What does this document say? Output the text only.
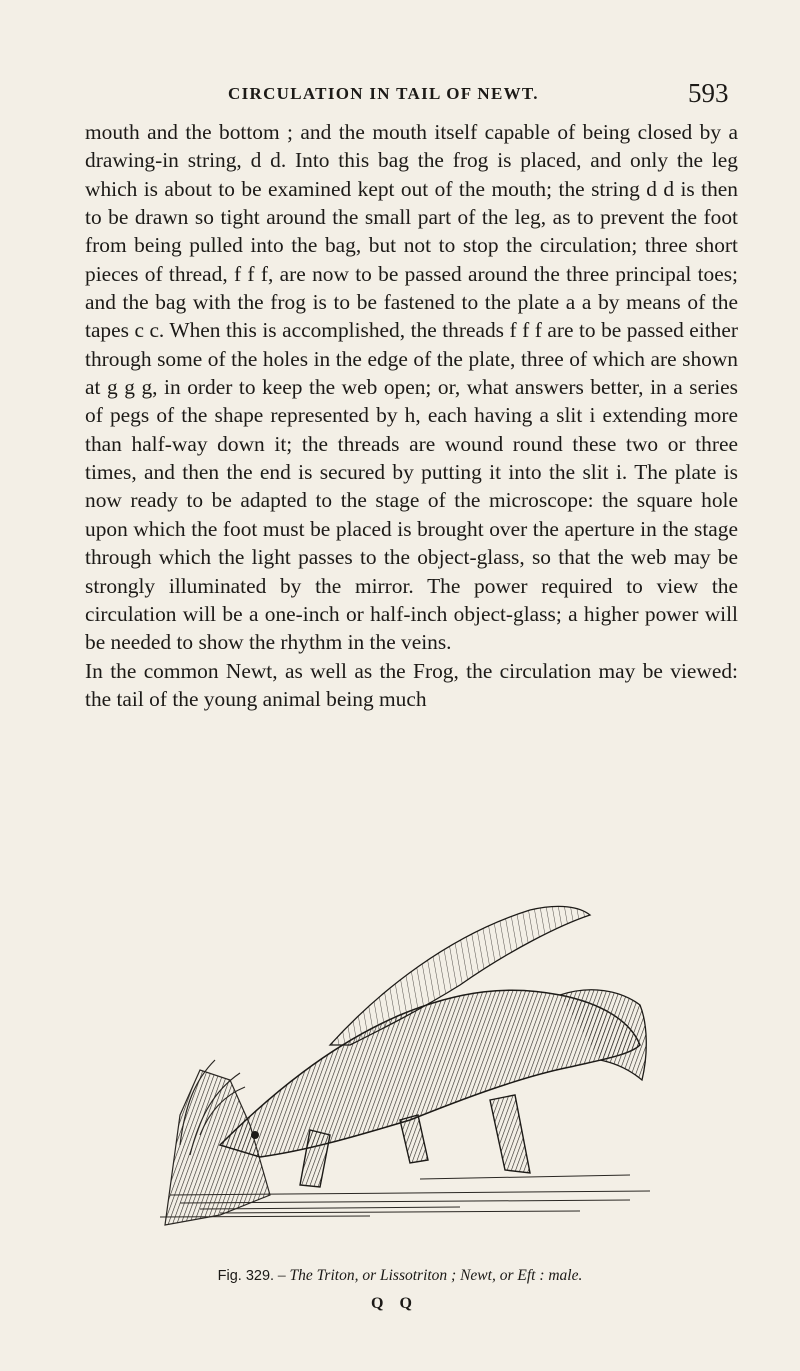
CIRCULATION IN TAIL OF NEWT.	593

mouth and the bottom ; and the mouth itself capable of being closed by a drawing-in string, d d. Into this bag the frog is placed, and only the leg which is about to be examined kept out of the mouth; the string d d is then to be drawn so tight around the small part of the leg, as to prevent the foot from being pulled into the bag, but not to stop the circulation; three short pieces of thread, f f f, are now to be passed around the three principal toes; and the bag with the frog is to be fastened to the plate a a by means of the tapes c c. When this is accomplished, the threads f f f are to be passed either through some of the holes in the edge of the plate, three of which are shown at g g g, in order to keep the web open; or, what answers better, in a series of pegs of the shape represented by h, each having a slit i extending more than half-way down it; the threads are wound round these two or three times, and then the end is secured by putting it into the slit i. The plate is now ready to be adapted to the stage of the microscope: the square hole upon which the foot must be placed is brought over the aperture in the stage through which the light passes to the object-glass, so that the web may be strongly illuminated by the mirror. The power required to view the circulation will be a one-inch or half-inch object-glass; a higher power will be needed to show the rhythm in the veins.

In the common Newt, as well as the Frog, the circulation may be viewed: the tail of the young animal being much

Fig. 329. – The Triton, or Lissotriton ; Newt, or Eft : male.
Q Q
